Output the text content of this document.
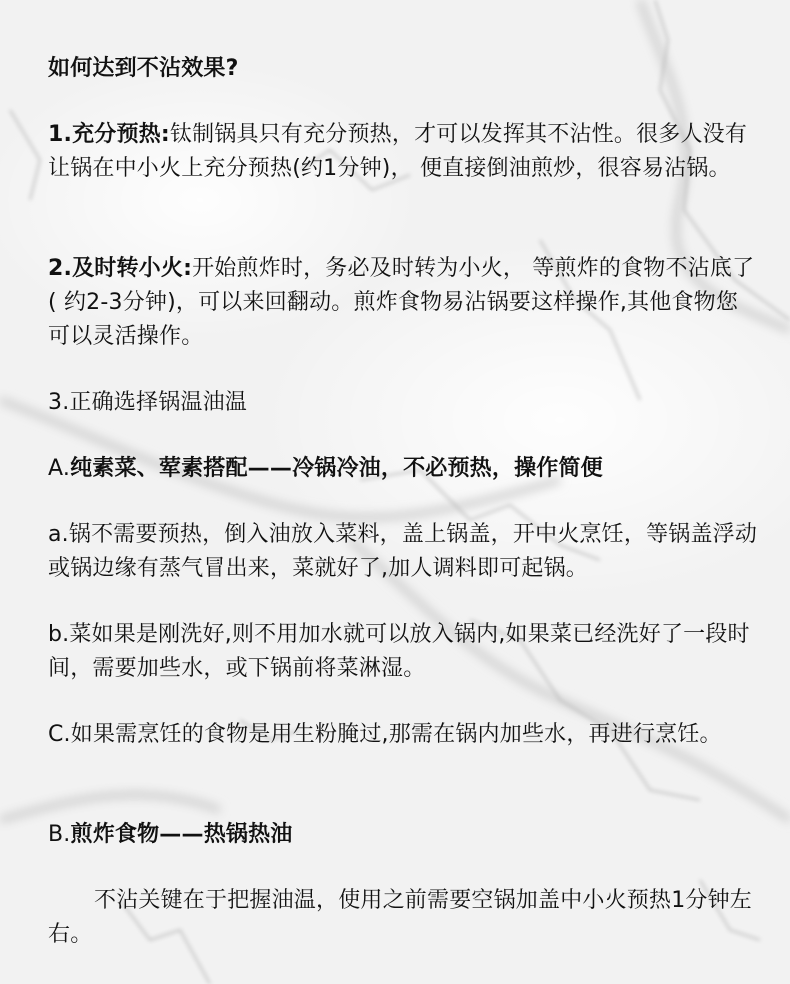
如何达到不沾效果?

1.充分预热:钛制锅具只有充分预热，才可以发挥其不沾性。很多人没有让锅在中小火上充分预热(约1分钟)， 便直接倒油煎炒，很容易沾锅。

2.及时转小火:开始煎炸时，务必及时转为小火， 等煎炸的食物不沾底了( 约2-3分钟)，可以来回翻动。煎炸食物易沾锅要这样操作,其他食物您可以灵活操作。

3.正确选择锅温油温

A.纯素菜、荤素搭配——冷锅冷油，不必预热，操作简便

a.锅不需要预热，倒入油放入菜料，盖上锅盖，开中火烹饪，等锅盖浮动或锅边缘有蒸气冒出来，菜就好了,加人调料即可起锅。

b.菜如果是刚洗好,则不用加水就可以放入锅内,如果菜已经洗好了一段时间，需要加些水，或下锅前将菜淋湿。

C.如果需烹饪的食物是用生粉腌过,那需在锅内加些水，再进行烹饪。

B.煎炸食物——热锅热油

不沾关键在于把握油温，使用之前需要空锅加盖中小火预热1分钟左右。
